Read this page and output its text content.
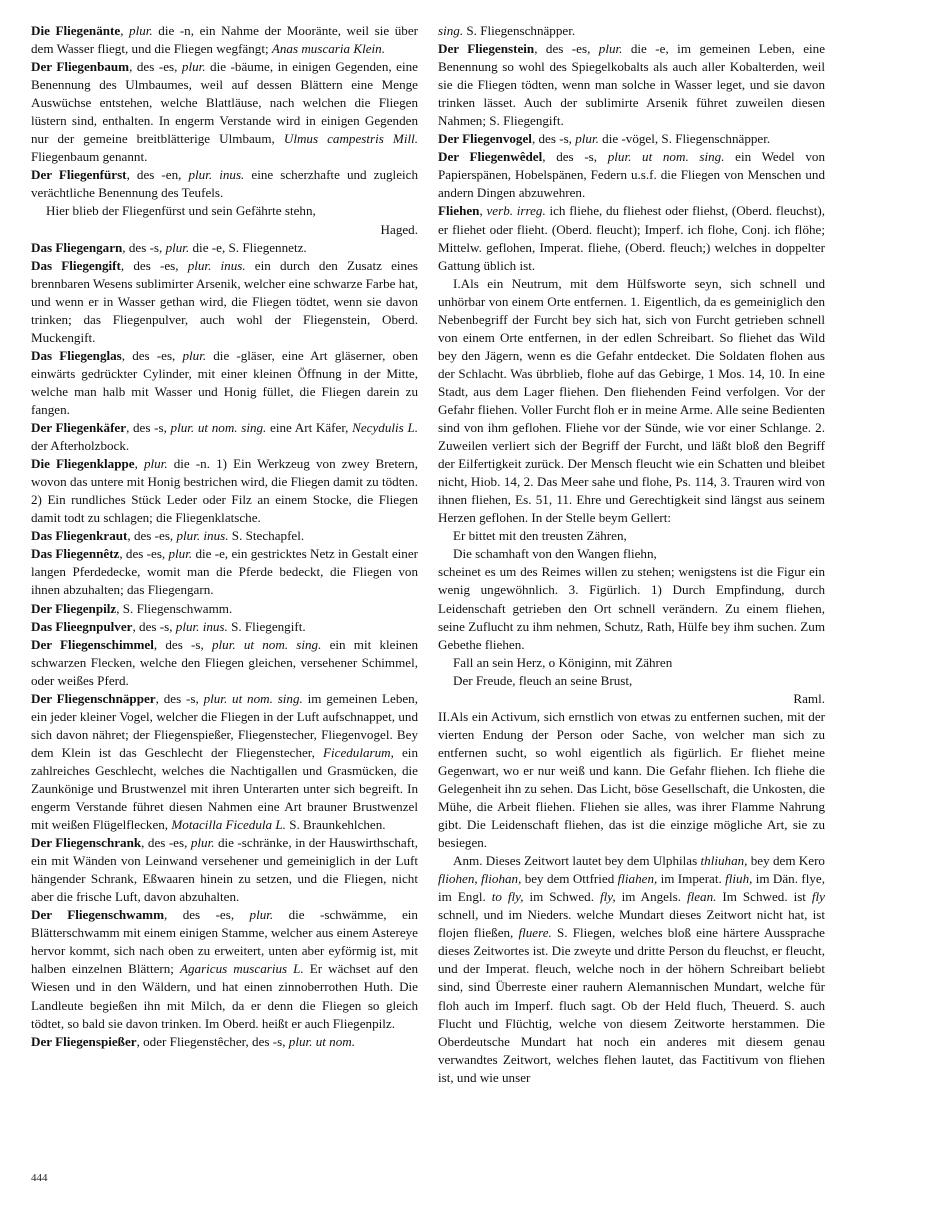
Die Fliegenänte, plur. die -n, ein Nahme der Mooränte, weil sie über dem Wasser fliegt, und die Fliegen wegfängt; Anas muscaria Klein.

Der Fliegenbaum, des -es, plur. die -bäume, in einigen Gegenden, eine Benennung des Ulmbaumes, weil auf dessen Blättern eine Menge Auswüchse entstehen, welche Blattläuse, nach welchen die Fliegen lüstern sind, enthalten. In engerm Verstande wird in einigen Gegenden nur der gemeine breitblätterige Ulmbaum, Ulmus campestris Mill. Fliegenbaum genannt.

Der Fliegenfürst, des -en, plur. inus. eine scherzhafte und zugleich verächtliche Benennung des Teufels.

Hier blieb der Fliegenfürst und sein Gefährte stehn,

Haged.

Das Fliegengarn, des -s, plur. die -e, S. Fliegennetz.

Das Fliegengift, des -es, plur. inus. ein durch den Zusatz eines brennbaren Wesens sublimirter Arsenik, welcher eine schwarze Farbe hat, und wenn er in Wasser gethan wird, die Fliegen tödtet, wenn sie davon trinken; das Fliegenpulver, auch wohl der Fliegenstein, Oberd. Muckengift.

Das Fliegenglas, des -es, plur. die -gläser, eine Art gläserner, oben einwärts gedrückter Cylinder, mit einer kleinen Öffnung in der Mitte, welche man halb mit Wasser und Honig füllet, die Fliegen darein zu fangen.

Der Fliegenkäfer, des -s, plur. ut nom. sing. eine Art Käfer, Necydulis L. der Afterholzbock.

Die Fliegenklappe, plur. die -n. 1) Ein Werkzeug von zwey Bretern, wovon das untere mit Honig bestrichen wird, die Fliegen damit zu tödten. 2) Ein rundliches Stück Leder oder Filz an einem Stocke, die Fliegen damit todt zu schlagen; die Fliegenklatsche.

Das Fliegenkraut, des -es, plur. inus. S. Stechapfel.

Das Fliegennêtz, des -es, plur. die -e, ein gestricktes Netz in Gestalt einer langen Pferdedecke, womit man die Pferde bedeckt, die Fliegen von ihnen abzuhalten; das Fliegengarn.

Der Fliegenpilz, S. Fliegenschwamm.

Das Flieegnpulver, des -s, plur. inus. S. Fliegengift.

Der Fliegenschimmel, des -s, plur. ut nom. sing. ein mit kleinen schwarzen Flecken, welche den Fliegen gleichen, versehener Schimmel, oder weißes Pferd.

Der Fliegenschnäpper, des -s, plur. ut nom. sing. im gemeinen Leben, ein jeder kleiner Vogel, welcher die Fliegen in der Luft aufschnappet, und sich davon nähret; der Fliegenspießer, Fliegenstecher, Fliegenvogel. Bey dem Klein ist das Geschlecht der Fliegenstecher, Ficedularum, ein zahlreiches Geschlecht, welches die Nachtigallen und Grasmücken, die Zaunkönige und Brustwenzel mit ihren Unterarten unter sich begreift. In engerm Verstande führet diesen Nahmen eine Art brauner Brustwenzel mit weißen Flügelflecken, Motacilla Ficedula L. S. Braunkehlchen.

Der Fliegenschrank, des -es, plur. die -schränke, in der Hauswirthschaft, ein mit Wänden von Leinwand versehener und gemeiniglich in der Luft hängender Schrank, Eßwaaren hinein zu setzen, und die Fliegen, nicht aber die frische Luft, davon abzuhalten.

Der Fliegenschwamm, des -es, plur. die -schwämme, ein Blätterschwamm mit einem einigen Stamme, welcher aus einem Astereye hervor kommt, sich nach oben zu erweitert, unten aber eyförmig ist, mit halben einzelnen Blättern; Agaricus muscarius L. Er wächset auf den Wiesen und in den Wäldern, und hat einen zinnoberrothen Huth. Die Landleute begießen ihn mit Milch, da er denn die Fliegen so gleich tödtet, so bald sie davon trinken. Im Oberd. heißt er auch Fliegenpilz.

Der Fliegenspießer, oder Fliegenstêcher, des -s, plur. ut nom.

sing. S. Fliegenschnäpper.

Der Fliegenstein, des -es, plur. die -e, im gemeinen Leben, eine Benennung so wohl des Spiegelkobalts als auch aller Kobalterden, weil sie die Fliegen tödten, wenn man solche in Wasser leget, und sie davon trinken lässet. Auch der sublimirte Arsenik führet zuweilen diesen Nahmen; S. Fliegengift.

Der Fliegenvogel, des -s, plur. die -vögel, S. Fliegenschnäpper.

Der Fliegenwêdel, des -s, plur. ut nom. sing. ein Wedel von Papierspänen, Hobelspänen, Federn u.s.f. die Fliegen von Menschen und andern Dingen abzuwehren.

Fliehen, verb. irreg. ich fliehe, du fliehest oder fliehst, (Oberd. fleuchst), er fliehet oder flieht. (Oberd. fleucht); Imperf. ich flohe, Conj. ich flöhe; Mittelw. geflohen, Imperat. fliehe, (Oberd. fleuch;) welches in doppelter Gattung üblich ist.

I.Als ein Neutrum, mit dem Hülfsworte seyn, sich schnell und unhörbar von einem Orte entfernen. 1. Eigentlich, da es gemeiniglich den Nebenbegriff der Furcht bey sich hat, sich von Furcht getrieben schnell von einem Orte entfernen, in der edlen Schreibart. So fliehet das Wild bey den Jägern, wenn es die Gefahr entdecket. Die Soldaten flohen aus der Schlacht. Was übrblieb, flohe auf das Gebirge, 1 Mos. 14, 10. In eine Stadt, aus dem Lager fliehen. Den fliehenden Feind verfolgen. Vor der Gefahr fliehen. Voller Furcht floh er in meine Arme. Alle seine Bedienten sind von ihm geflohen. Fliehe vor der Sünde, wie vor einer Schlange. 2. Zuweilen verliert sich der Begriff der Furcht, und läßt bloß den Begriff der Eilfertigkeit zurück. Der Mensch fleucht wie ein Schatten und bleibet nicht, Hiob. 14, 2. Das Meer sahe und flohe, Ps. 114, 3. Trauren wird von ihnen fliehen, Es. 51, 11. Ehre und Gerechtigkeit sind längst aus seinem Herzen geflohen. In der Stelle beym Gellert:

Er bittet mit den treusten Zähren,

Die schamhaft von den Wangen fliehn,

scheinet es um des Reimes willen zu stehen; wenigstens ist die Figur ein wenig ungewöhnlich. 3. Figürlich. 1) Durch Empfindung, durch Leidenschaft getrieben den Ort schnell verändern. Zu einem fliehen, seine Zuflucht zu ihm nehmen, Schutz, Rath, Hülfe bey ihm suchen. Zum Gebethe fliehen.

Fall an sein Herz, o Königinn, mit Zähren

Der Freude, fleuch an seine Brust,

Raml.

II.Als ein Activum, sich ernstlich von etwas zu entfernen suchen, mit der vierten Endung der Person oder Sache, von welcher man sich zu entfernen sucht, so wohl eigentlich als figürlich. Er fliehet meine Gegenwart, wo er nur weiß und kann. Die Gefahr fliehen. Ich fliehe die Gelegenheit ihn zu sehen. Das Licht, böse Gesellschaft, die Unkosten, die Mühe, die Arbeit fliehen. Fliehen sie alles, was ihrer Flamme Nahrung gibt. Die Leidenschaft fliehen, das ist die einzige mögliche Art, sie zu besiegen.

Anm. Dieses Zeitwort lautet bey dem Ulphilas thliuhan, bey dem Kero fliohen, fliohan, bey dem Ottfried fliahen, im Imperat. fliuh, im Dän. flye, im Engl. to fly, im Schwed. fly, im Angels. flean. Im Schwed. ist fly schnell, und im Nieders. welche Mundart dieses Zeitwort nicht hat, ist flojen fließen, fluere. S. Fliegen, welches bloß eine härtere Aussprache dieses Zeitwortes ist. Die zweyte und dritte Person du fleuchst, er fleucht, und der Imperat. fleuch, welche noch in der höhern Schreibart beliebt sind, sind Überreste einer rauhern Alemannischen Mundart, welche für floh auch im Imperf. fluch sagt. Ob der Held fluch, Theuerd. S. auch Flucht und Flüchtig, welche von diesem Zeitworte herstammen. Die Oberdeutsche Mundart hat noch ein anderes mit diesem genau verwandtes Zeitwort, welches flehen lautet, das Factitivum von fliehen ist, und wie unser

444
